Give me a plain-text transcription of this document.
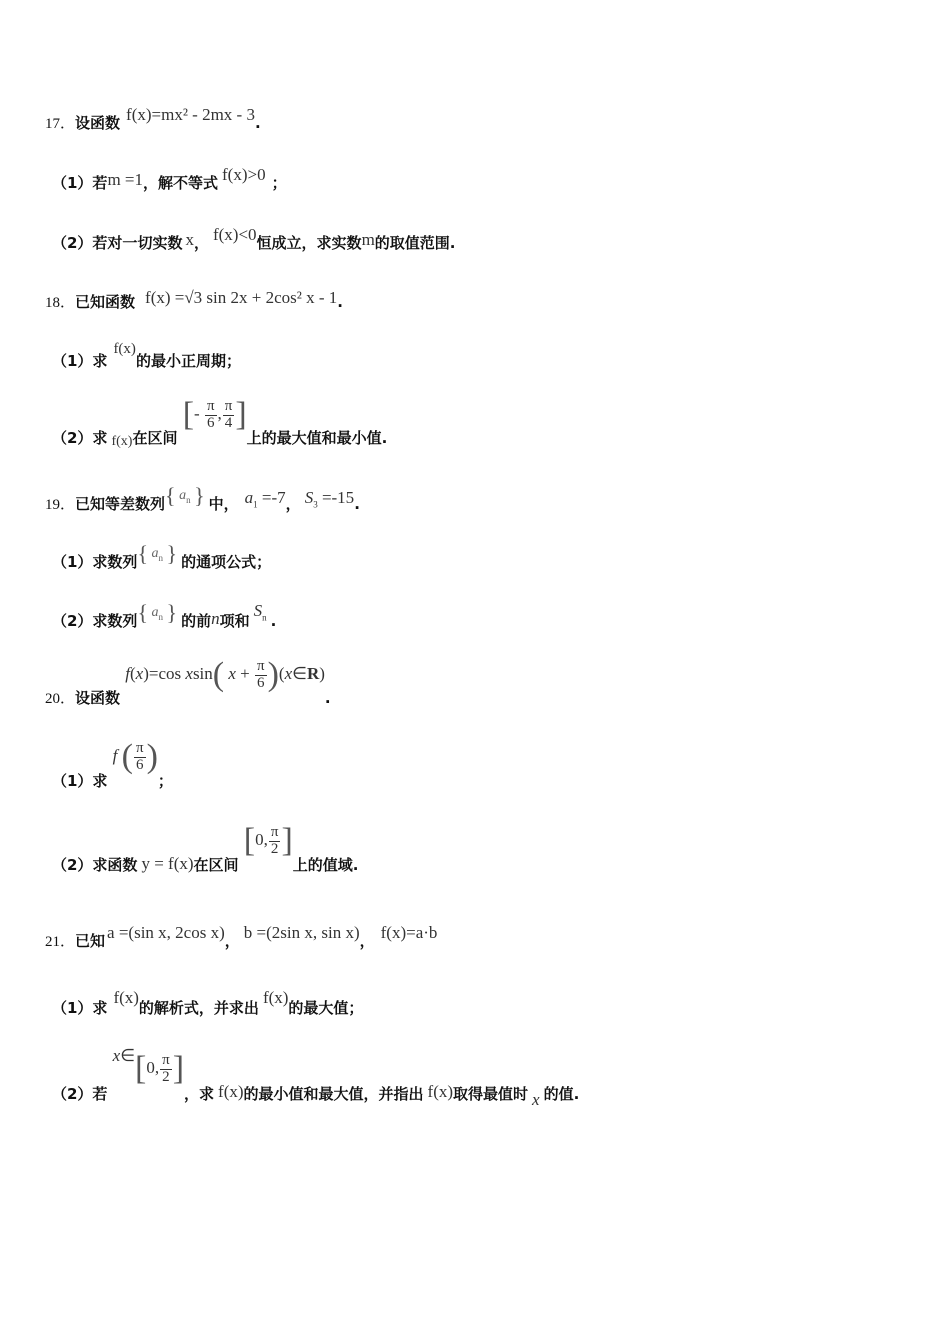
17．设函数 f(x)=mx² - 2mx - 3.
（1）若m =1，解不等式 f(x)>0 ；
（2）若对一切实数 x， f(x)<0恒成立，求实数m的取值范围.
18．已知函数 f(x) =√3 sin 2x + 2cos² x - 1.
（1）求f(x)的最小正周期；
（2）求 f(x)在区间 [- $\frac{\pi}{6}$ , $\frac{\pi}{4}$ ]上的最大值和最小值.
19．已知等差数列{ $a_n$ } 中， $a_1 =-7$， $S_3 =-15$.
（1）求数列{ $a_n$ } 的通项公式；
（2）求数列{ $a_n$ } 的前n项和$S_n$ .
20．设函数 f(x)=cos xsin( $x + \frac{\pi}{6}$ )(x∈R).
（1）求 f ( $\frac{\pi}{6}$ )；
（2）求函数 y = f(x)在区间 [0, $\frac{\pi}{2}$ ]上的值域.
21．已知 a =(sin x, 2cos x)， b =(2sin x, sin x)， f(x)=a·b
（1）求f(x)的解析式，并求出f(x)的最大值；
（2）若 x∈[0, $\frac{\pi}{2}$ ]，求 f(x)的最小值和最大值，并指出 f(x)取得最值时 x 的值.
